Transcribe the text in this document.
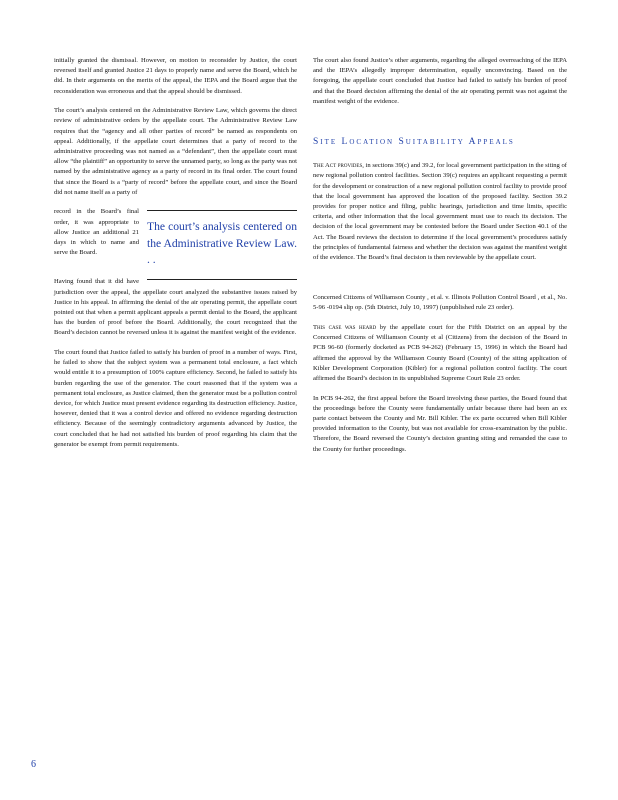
initially granted the dismissal. However, on motion to reconsider by Justice, the court reversed itself and granted Justice 21 days to properly name and serve the Board, which he did. In their arguments on the merits of the appeal, the IEPA and the Board argue that the reconsideration was erroneous and that the appeal should be dismissed.

The court’s analysis centered on the Administrative Review Law, which governs the direct review of administrative orders by the appellate court. The Administrative Review Law requires that the “agency and all other parties of record” be named as respondents on appeal. Additionally, if the appellate court determines that a party of record to the administrative proceeding was not named as a “defendant”, then the appellate court must allow “the plaintiff” an opportunity to serve the unnamed party, so long as the party was not named by the administrative agency as a party of record in its final order. The court found that since the Board is a “party of record” before the appellate court, and since the Board did not name itself as a party of

The court’s analysis centered on the Administrative Review Law. . .

record in the Board’s final order, it was appropriate to allow Justice an additional 21 days in which to name and serve the Board.

Having found that it did have jurisdiction over the appeal, the appellate court analyzed the substantive issues raised by Justice in his appeal. In affirming the denial of the air operating permit, the appellate court pointed out that when a permit applicant appeals a permit denial to the Board, the applicant has the burden of proof before the Board. Additionally, the court recognized that the Board’s decision cannot be reversed unless it is against the manifest weight of the evidence.

The court found that Justice failed to satisfy his burden of proof in a number of ways. First, he failed to show that the subject system was a permanent total enclosure, a fact which would entitle it to a presumption of 100% capture efficiency. Second, he failed to satisfy his burden regarding the use of the generator. The court reasoned that if the system was a permanent total enclosure, as Justice claimed, then the generator must be a pollution control device, for which Justice must present evidence regarding its destruction efficiency. Justice, however, denied that it was a control device and offered no evidence regarding destruction efficiency. Because of the seemingly contradictory arguments advanced by Justice, the court concluded that he had not satisfied his burden of proof regarding his claim that the generator be exempt from permit requirements.

The court also found Justice’s other arguments, regarding the alleged overreaching of the IEPA and the IEPA’s allegedly improper determination, equally unconvincing. Based on the foregoing, the appellate court concluded that Justice had failed to satisfy his burden of proof and that the Board decision affirming the denial of the air operating permit was not against the manifest weight of the evidence.

Site Location Suitability Appeals

The Act provides, in sections 39(c) and 39.2, for local government participation in the siting of new regional pollution control facilities. Section 39(c) requires an applicant requesting a permit for the development or construction of a new regional pollution control facility to provide proof that the local government has approved the location of the proposed facility. Section 39.2 provides for proper notice and filing, public hearings, jurisdiction and time limits, specific criteria, and other information that the local government must use to reach its decision. The decision of the local government may be contested before the Board under Section 40.1 of the Act. The Board reviews the decision to determine if the local government’s procedures satisfy the principles of fundamental fairness and whether the decision was against the manifest weight of the evidence. The Board’s final decision is then reviewable by the appellate court.

Concerned Citizens of Williamson County , et al. v. Illinois Pollution Control Board , et al., No. 5-96 -0194 slip op. (5th District, July 10, 1997) (unpublished rule 23 order).

This case was heard by the appellate court for the Fifth District on an appeal by the Concerned Citizens of Williamson County et al (Citizens) from the decision of the Board in PCB 96-60 (formerly docketed as PCB 94-262) (February 15, 1996) in which the Board had affirmed the approval by the Williamson County Board (County) of the siting application of Kibler Development Corporation (Kibler) for a regional pollution control facility. The court affirmed the Board’s decision in its unpublished Supreme Court Rule 23 order.

In PCB 94-262, the first appeal before the Board involving these parties, the Board found that the proceedings before the County were fundamentally unfair because there had been an ex parte contact between the County and Mr. Bill Kibler. The ex parte occurred when Bill Kibler provided information to the County, but was not available for cross-examination by the public. Therefore, the Board reversed the County’s decision granting siting and remanded the case to the County for further proceedings.

6
